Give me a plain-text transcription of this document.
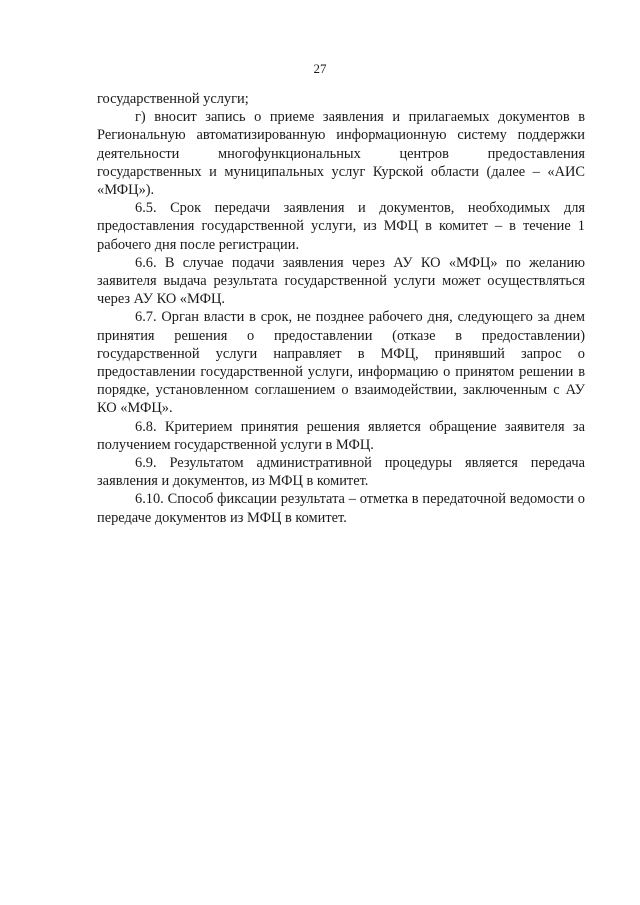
27

государственной услуги;

г) вносит запись о приеме заявления и прилагаемых документов в Региональную автоматизированную информационную систему поддержки деятельности многофункциональных центров предоставления государственных и муниципальных услуг Курской области (далее – «АИС «МФЦ»).

6.5. Срок передачи заявления и документов, необходимых для предоставления государственной услуги, из МФЦ в комитет – в течение 1 рабочего дня после регистрации.

6.6. В случае подачи заявления через АУ КО «МФЦ» по желанию заявителя выдача результата государственной услуги может осуществляться через АУ КО «МФЦ.

6.7. Орган власти в срок, не позднее рабочего дня, следующего за днем принятия решения о предоставлении (отказе в предоставлении) государственной услуги направляет в МФЦ, принявший запрос о предоставлении государственной услуги, информацию о принятом решении в порядке, установленном соглашением о взаимодействии, заключенным с АУ КО «МФЦ».

6.8. Критерием принятия решения является обращение заявителя за получением государственной услуги в МФЦ.

6.9. Результатом административной процедуры является передача заявления и документов, из МФЦ в комитет.

6.10. Способ фиксации результата – отметка в передаточной ведомости о передаче документов из МФЦ в комитет.
